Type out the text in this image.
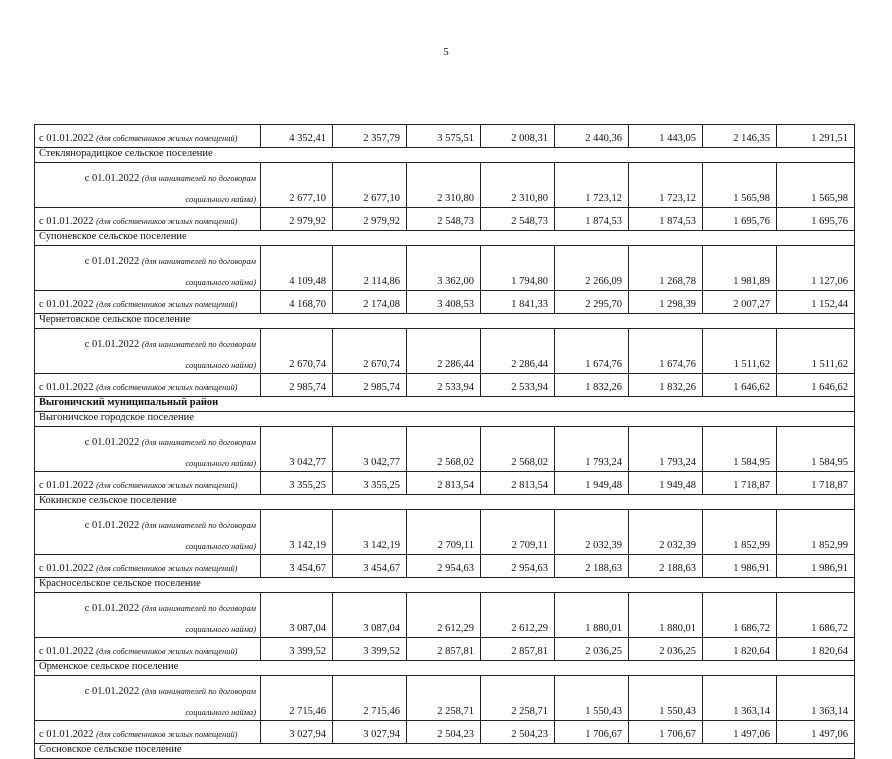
5
с 01.01.2022 (для собственников жилых помещений)	4 352,41	2 357,79	3 575,51	2 008,31	2 440,36	1 443,05	2 146,35	1 291,51
Стеклянорадицкое сельское поселение								

с 01.01.2022 (для нанимателей по договорам
социального найма)	2 677,10	2 677,10	2 310,80	2 310,80	1 723,12	1 723,12	1 565,98	1 565,98
с 01.01.2022 (для собственников жилых помещений)	2 979,92	2 979,92	2 548,73	2 548,73	1 874,53	1 874,53	1 695,76	1 695,76
Супоневское сельское поселение								

с 01.01.2022 (для нанимателей по договорам
социального найма)	4 109,48	2 114,86	3 362,00	1 794,80	2 266,09	1 268,78	1 981,89	1 127,06
с 01.01.2022 (для собственников жилых помещений)	4 168,70	2 174,08	3 408,53	1 841,33	2 295,70	1 298,39	2 007,27	1 152,44
Чернетовское сельское поселение								

с 01.01.2022 (для нанимателей по договорам
социального найма)	2 670,74	2 670,74	2 286,44	2 286,44	1 674,76	1 674,76	1 511,62	1 511,62
с 01.01.2022 (для собственников жилых помещений)	2 985,74	2 985,74	2 533,94	2 533,94	1 832,26	1 832,26	1 646,62	1 646,62
Выгоничский муниципальный район								
Выгоничское городское поселение								

с 01.01.2022 (для нанимателей по договорам
социального найма)	3 042,77	3 042,77	2 568,02	2 568,02	1 793,24	1 793,24	1 584,95	1 584,95
с 01.01.2022 (для собственников жилых помещений)	3 355,25	3 355,25	2 813,54	2 813,54	1 949,48	1 949,48	1 718,87	1 718,87
Кокинское сельское поселение								

с 01.01.2022 (для нанимателей по договорам
социального найма)	3 142,19	3 142,19	2 709,11	2 709,11	2 032,39	2 032,39	1 852,99	1 852,99
с 01.01.2022 (для собственников жилых помещений)	3 454,67	3 454,67	2 954,63	2 954,63	2 188,63	2 188,63	1 986,91	1 986,91
Красносельское сельское поселение								

с 01.01.2022 (для нанимателей по договорам
социального найма)	3 087,04	3 087,04	2 612,29	2 612,29	1 880,01	1 880,01	1 686,72	1 686,72
с 01.01.2022 (для собственников жилых помещений)	3 399,52	3 399,52	2 857,81	2 857,81	2 036,25	2 036,25	1 820,64	1 820,64
Орменское сельское поселение								

с 01.01.2022 (для нанимателей по договорам
социального найма)	2 715,46	2 715,46	2 258,71	2 258,71	1 550,43	1 550,43	1 363,14	1 363,14
с 01.01.2022 (для собственников жилых помещений)	3 027,94	3 027,94	2 504,23	2 504,23	1 706,67	1 706,67	1 497,06	1 497,06
Сосновское сельское поселение								
